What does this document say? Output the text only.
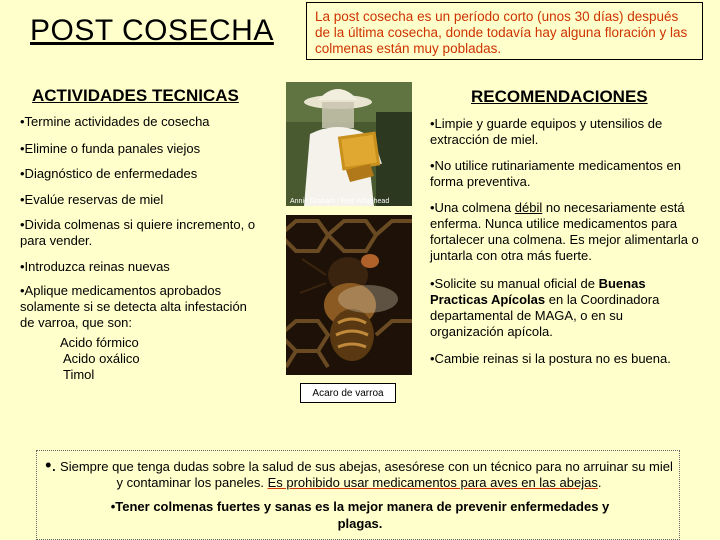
POST COSECHA	La post cosecha es un período corto (unos 30 días) después de la última cosecha, donde todavía hay alguna floración y las colmenas están muy pobladas.
ACTIVIDADES TECNICAS	RECOMENDACIONES
•Termine actividades de cosecha
•Elimine o funda panales viejos
•Diagnóstico de enfermedades
•Evalúe reservas de miel
•Divida colmenas si quiere incremento, o para vender.
•Introduzca reinas nuevas
•Aplique medicamentos aprobados solamente si se detecta alta infestación de varroa, que son:
Acido fórmico
Acido oxálico
Timol
•Limpie y guarde equipos y utensilios de extracción de miel.
•No utilice rutinariamente medicamentos en forma preventiva.
•Una colmena débil no necesariamente está enferma. Nunca utilice medicamentos para fortalecer una colmena. Es mejor alimentarla o juntarla con otra más fuerte.
•Solicite su manual oficial de Buenas Practicas Apícolas en la Coordinadora departamental de MAGA, o en su organización apícola.
•Cambie reinas si la postura no es buena.
Annie Graham / Red Whitehead
Acaro de varroa
•. Siempre que tenga dudas sobre la salud de sus abejas, asesórese con un técnico para no arruinar su miel y contaminar los paneles. Es prohibido usar medicamentos para aves en las abejas.
•Tener colmenas fuertes y sanas es la mejor manera de prevenir enfermedades y plagas.
